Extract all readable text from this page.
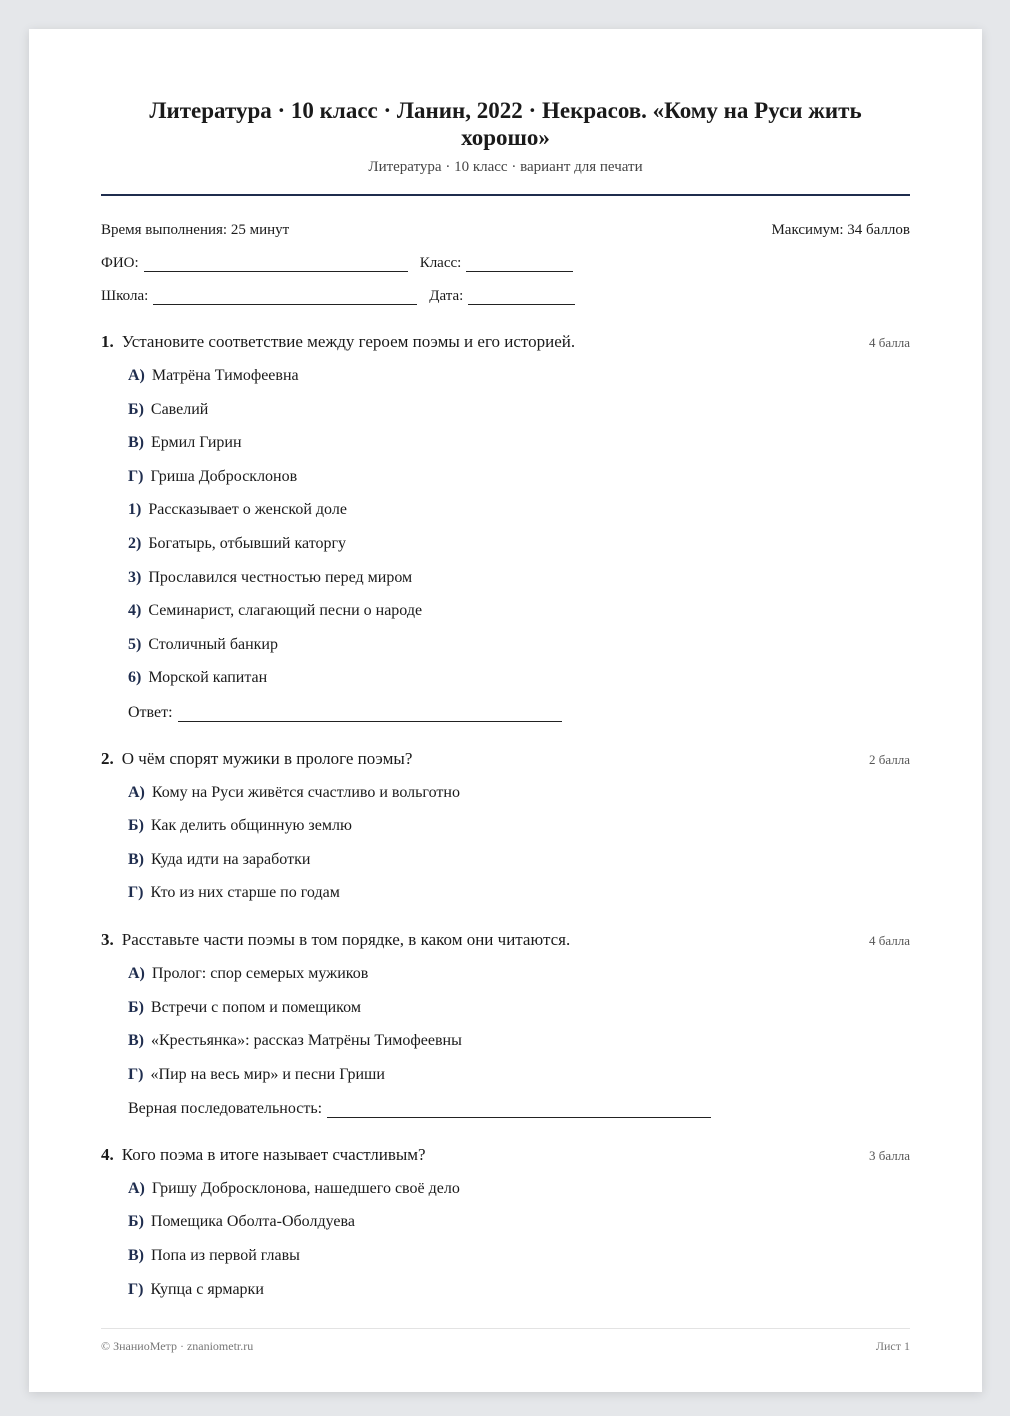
Литература · 10 класс · Ланин, 2022 · Некрасов. «Кому на Руси жить хорошо»
Литература · 10 класс · вариант для печати
Время выполнения: 25 минут	Максимум: 34 баллов
ФИО:	Класс:
Школа:	Дата:
1. Установите соответствие между героем поэмы и его историей.	4 балла
А) Матрёна Тимофеевна
Б) Савелий
В) Ермил Гирин
Г) Гриша Добросклонов
1) Рассказывает о женской доле
2) Богатырь, отбывший каторгу
3) Прославился честностью перед миром
4) Семинарист, слагающий песни о народе
5) Столичный банкир
6) Морской капитан
Ответ:
2. О чём спорят мужики в прологе поэмы?	2 балла
А) Кому на Руси живётся счастливо и вольготно
Б) Как делить общинную землю
В) Куда идти на заработки
Г) Кто из них старше по годам
3. Расставьте части поэмы в том порядке, в каком они читаются.	4 балла
А) Пролог: спор семерых мужиков
Б) Встречи с попом и помещиком
В) «Крестьянка»: рассказ Матрёны Тимофеевны
Г) «Пир на весь мир» и песни Гриши
Верная последовательность:
4. Кого поэма в итоге называет счастливым?	3 балла
А) Гришу Добросклонова, нашедшего своё дело
Б) Помещика Оболта-Оболдуева
В) Попа из первой главы
Г) Купца с ярмарки
© ЗнаниоМетр · znaniometr.ru	Лист 1
